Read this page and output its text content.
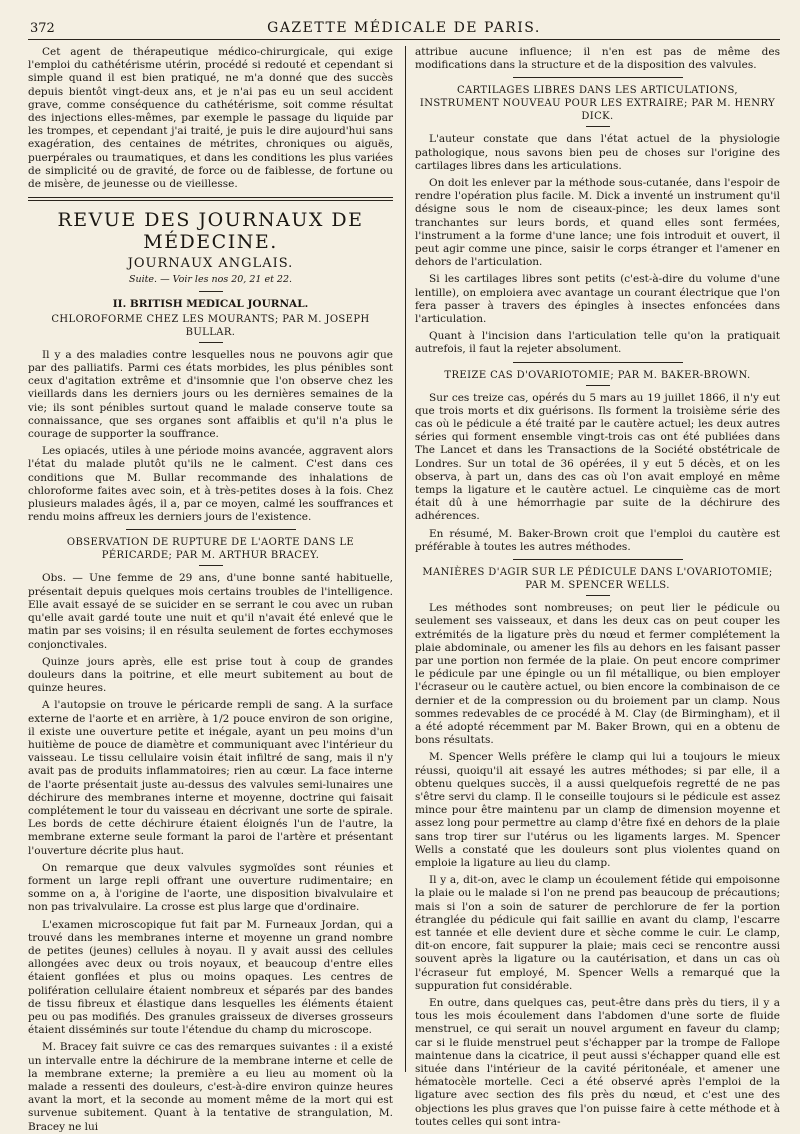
372	GAZETTE MÉDICALE DE PARIS.

Cet agent de thérapeutique médico-chirurgicale, qui exige l'emploi du cathétérisme utérin, procédé si redouté et cependant si simple quand il est bien pratiqué, ne m'a donné que des succès depuis bientôt vingt-deux ans, et je n'ai pas eu un seul accident grave, comme conséquence du cathétérisme, soit comme résultat des injections elles-mêmes, par exemple le passage du liquide par les trompes, et cependant j'ai traité, je puis le dire aujourd'hui sans exagération, des centaines de métrites, chroniques ou aiguës, puerpérales ou traumatiques, et dans les conditions les plus variées de simplicité ou de gravité, de force ou de faiblesse, de fortune ou de misère, de jeunesse ou de vieillesse.

REVUE DES JOURNAUX DE MÉDECINE.
JOURNAUX ANGLAIS.
Suite. — Voir les nos 20, 21 et 22.
II. BRITISH MEDICAL JOURNAL.
CHLOROFORME CHEZ LES MOURANTS; PAR M. JOSEPH BULLAR.

Il y a des maladies contre lesquelles nous ne pouvons agir que par des palliatifs. Parmi ces états morbides, les plus pénibles sont ceux d'agitation extrême et d'insomnie que l'on observe chez les vieillards dans les derniers jours ou les dernières semaines de la vie; ils sont pénibles surtout quand le malade conserve toute sa connaissance, que ses organes sont affaiblis et qu'il n'a plus le courage de supporter la souffrance.

Les opiacés, utiles à une période moins avancée, aggravent alors l'état du malade plutôt qu'ils ne le calment. C'est dans ces conditions que M. Bullar recommande des inhalations de chloroforme faites avec soin, et à très-petites doses à la fois. Chez plusieurs malades âgés, il a, par ce moyen, calmé les souffrances et rendu moins affreux les derniers jours de l'existence.

OBSERVATION DE RUPTURE DE L'AORTE DANS LE PÉRICARDE; PAR M. ARTHUR BRACEY.

Obs. — Une femme de 29 ans, d'une bonne santé habituelle, présentait depuis quelques mois certains troubles de l'intelligence. Elle avait essayé de se suicider en se serrant le cou avec un ruban qu'elle avait gardé toute une nuit et qu'il n'avait été enlevé que le matin par ses voisins; il en résulta seulement de fortes ecchymoses conjonctivales.

Quinze jours après, elle est prise tout à coup de grandes douleurs dans la poitrine, et elle meurt subitement au bout de quinze heures.

A l'autopsie on trouve le péricarde rempli de sang. A la surface externe de l'aorte et en arrière, à 1/2 pouce environ de son origine, il existe une ouverture petite et inégale, ayant un peu moins d'un huitième de pouce de diamètre et communiquant avec l'intérieur du vaisseau. Le tissu cellulaire voisin était infiltré de sang, mais il n'y avait pas de produits inflammatoires; rien au cœur. La face interne de l'aorte présentait juste au-dessus des valvules semi-lunaires une déchirure des membranes interne et moyenne, doctrine qui faisait complétement le tour du vaisseau en décrivant une sorte de spirale. Les bords de cette déchirure étaient éloignés l'un de l'autre, la membrane externe seule formant la paroi de l'artère et présentant l'ouverture décrite plus haut.

On remarque que deux valvules sygmoïdes sont réunies et forment un large repli offrant une ouverture rudimentaire; en somme on a, à l'origine de l'aorte, une disposition bivalvulaire et non pas trivalvulaire. La crosse est plus large que d'ordinaire.

L'examen microscopique fut fait par M. Furneaux Jordan, qui a trouvé dans les membranes interne et moyenne un grand nombre de petites (jeunes) cellules à noyau. Il y avait aussi des cellules allongées avec deux ou trois noyaux, et beaucoup d'entre elles étaient gonflées et plus ou moins opaques. Les centres de polifération cellulaire étaient nombreux et séparés par des bandes de tissu fibreux et élastique dans lesquelles les éléments étaient peu ou pas modifiés. Des granules graisseux de diverses grosseurs étaient disséminés sur toute l'étendue du champ du microscope.

M. Bracey fait suivre ce cas des remarques suivantes : il a existé un intervalle entre la déchirure de la membrane interne et celle de la membrane externe; la première a eu lieu au moment où la malade a ressenti des douleurs, c'est-à-dire environ quinze heures avant la mort, et la seconde au moment même de la mort qui est survenue subitement. Quant à la tentative de strangulation, M. Bracey ne lui

attribue aucune influence; il n'en est pas de même des modifications dans la structure et de la disposition des valvules.

CARTILAGES LIBRES DANS LES ARTICULATIONS, INSTRUMENT NOUVEAU POUR LES EXTRAIRE; PAR M. HENRY DICK.

L'auteur constate que dans l'état actuel de la physiologie pathologique, nous savons bien peu de choses sur l'origine des cartilages libres dans les articulations.

On doit les enlever par la méthode sous-cutanée, dans l'espoir de rendre l'opération plus facile. M. Dick a inventé un instrument qu'il désigne sous le nom de ciseaux-pince; les deux lames sont tranchantes sur leurs bords, et quand elles sont fermées, l'instrument a la forme d'une lance; une fois introduit et ouvert, il peut agir comme une pince, saisir le corps étranger et l'amener en dehors de l'articulation.

Si les cartilages libres sont petits (c'est-à-dire du volume d'une lentille), on emploiera avec avantage un courant électrique que l'on fera passer à travers des épingles à insectes enfoncées dans l'articulation.

Quant à l'incision dans l'articulation telle qu'on la pratiquait autrefois, il faut la rejeter absolument.

TREIZE CAS D'OVARIOTOMIE; PAR M. BAKER-BROWN.

Sur ces treize cas, opérés du 5 mars au 19 juillet 1866, il n'y eut que trois morts et dix guérisons. Ils forment la troisième série des cas où le pédicule a été traité par le cautère actuel; les deux autres séries qui forment ensemble vingt-trois cas ont été publiées dans The Lancet et dans les Transactions de la Société obstétricale de Londres. Sur un total de 36 opérées, il y eut 5 décès, et on les observa, à part un, dans des cas où l'on avait employé en même temps la ligature et le cautère actuel. Le cinquième cas de mort était dû à une hémorrhagie par suite de la déchirure des adhérences.

En résumé, M. Baker-Brown croit que l'emploi du cautère est préférable à toutes les autres méthodes.

MANIÈRES D'AGIR SUR LE PÉDICULE DANS L'OVARIOTOMIE; PAR M. SPENCER WELLS.

Les méthodes sont nombreuses; on peut lier le pédicule ou seulement ses vaisseaux, et dans les deux cas on peut couper les extrémités de la ligature près du nœud et fermer complétement la plaie abdominale, ou amener les fils au dehors en les faisant passer par une portion non fermée de la plaie. On peut encore comprimer le pédicule par une épingle ou un fil métallique, ou bien employer l'écraseur ou le cautère actuel, ou bien encore la combinaison de ce dernier et de la compression ou du broiement par un clamp. Nous sommes redevables de ce procédé à M. Clay (de Birmingham), et il a été adopté récemment par M. Baker Brown, qui en a obtenu de bons résultats.

M. Spencer Wells préfère le clamp qui lui a toujours le mieux réussi, quoiqu'il ait essayé les autres méthodes; si par elle, il a obtenu quelques succès, il a aussi quelquefois regretté de ne pas s'être servi du clamp. Il le conseille toujours si le pédicule est assez mince pour être maintenu par un clamp de dimension moyenne et assez long pour permettre au clamp d'être fixé en dehors de la plaie sans trop tirer sur l'utérus ou les ligaments larges. M. Spencer Wells a constaté que les douleurs sont plus violentes quand on emploie la ligature au lieu du clamp.

Il y a, dit-on, avec le clamp un écoulement fétide qui empoisonne la plaie ou le malade si l'on ne prend pas beaucoup de précautions; mais si l'on a soin de saturer de perchlorure de fer la portion étranglée du pédicule qui fait saillie en avant du clamp, l'escarre est tannée et elle devient dure et sèche comme le cuir. Le clamp, dit-on encore, fait suppurer la plaie; mais ceci se rencontre aussi souvent après la ligature ou la cautérisation, et dans un cas où l'écraseur fut employé, M. Spencer Wells a remarqué que la suppuration fut considérable.

En outre, dans quelques cas, peut-être dans près du tiers, il y a tous les mois écoulement dans l'abdomen d'une sorte de fluide menstruel, ce qui serait un nouvel argument en faveur du clamp; car si le fluide menstruel peut s'échapper par la trompe de Fallope maintenue dans la cicatrice, il peut aussi s'échapper quand elle est située dans l'intérieur de la cavité péritonéale, et amener une hématocèle mortelle. Ceci a été observé après l'emploi de la ligature avec section des fils près du nœud, et c'est une des objections les plus graves que l'on puisse faire à cette méthode et à toutes celles qui sont intra-
